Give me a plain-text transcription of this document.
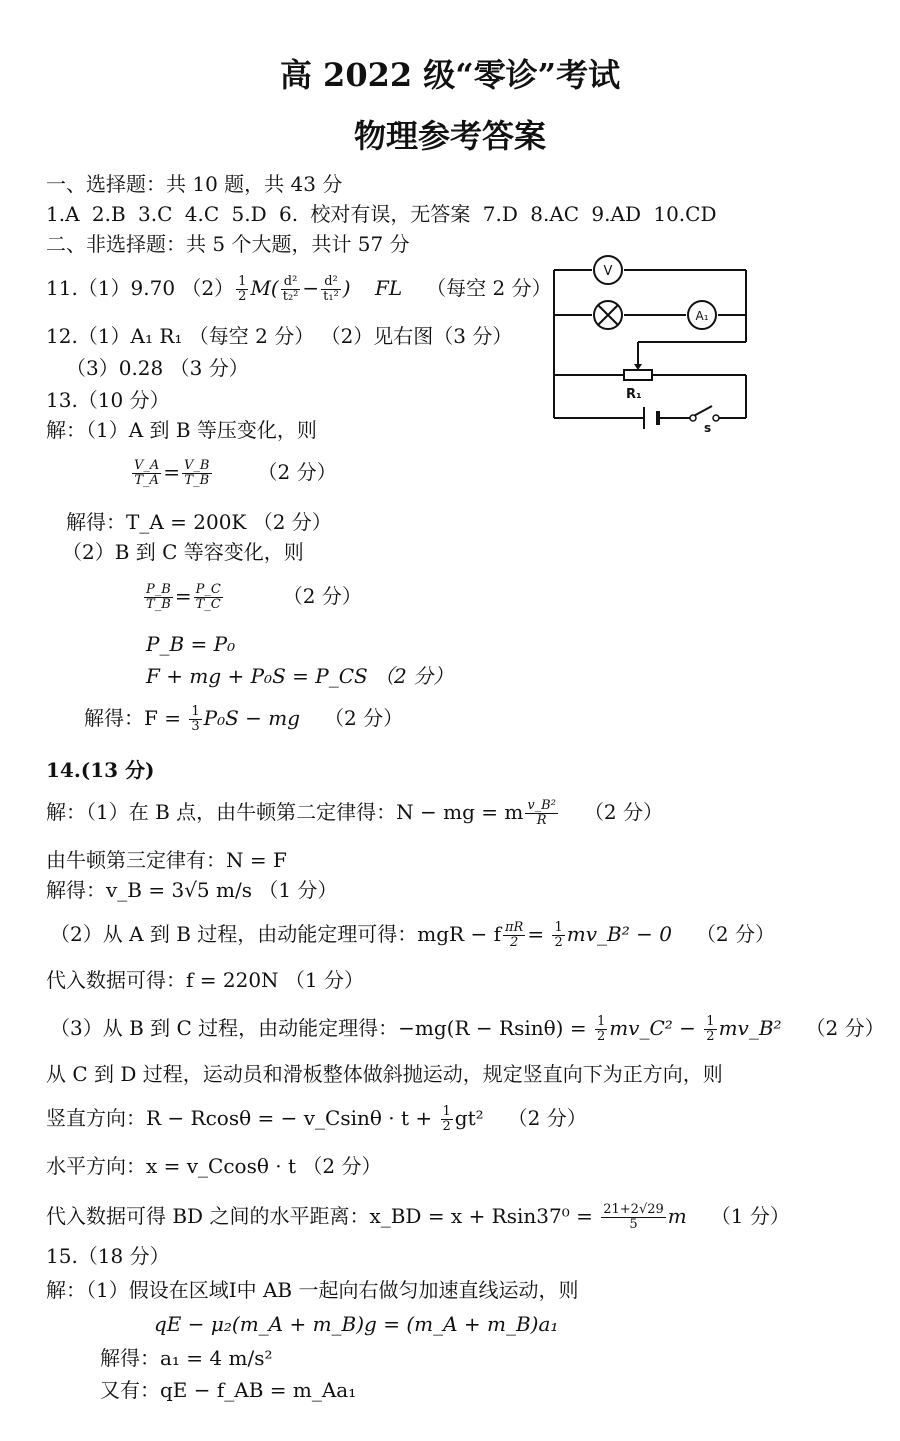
高 2022 级“零诊”考试
物理参考答案
一、选择题：共 10 题，共 43 分
1.A 2.B 3.C 4.C 5.D 6. 校对有误，无答案 7.D 8.AC 9.AD 10.CD
二、非选择题：共 5 个大题，共计 57 分
11.（1）9.70 $(2) \frac{1}{2} M( \frac{\text{d²}}{\text{t₂²}} - \frac{\text{d²}}{\text{t₁²}}$ ) FL （每空 2 分）
12.（1）A₁ R₁ （每空 2 分） （2）见右图（3 分）
（3）0.28 （3 分）
V
A₁
R₁
s
13.（10 分）
解：（1）A 到 B 等压变化，则
$\frac{V\_A}{T\_A} = \frac{V\_B}{T\_B} (2$ 分）
解得：T_A = 200K （2 分）
（2）B 到 C 等容变化，则
$\frac{P\_B}{T\_B} = \frac{P\_C}{T\_C}$	（2 分）
P_B = P₀
F + mg + P₀S = P_CS （2 分）
解得：$F = \frac{1}{3} P_0S$ − mg （2 分）
14.(13 分)
解：（1）在 B 点，由牛顿第二定律得：N − mg = m $\frac{\text{v\_B²}}{R} (2$ 分）
由牛顿第三定律有：N = F
解得：v_B = 3√5 m/s （1 分）
（2）从 A 到 B 过程，由动能定理可得：mgR − f $\frac{\pi R}{2} = \frac{1}{2}$ mv_B² − 0 （2 分）
代入数据可得：f = 220N （1 分）
（3）从 B 到 C 过程，由动能定理得：$-mg(R - Rsin\theta) = \frac{1}{2}$ mv_C² − $\frac{1}{2}$ mv_B² （2 分）
从 C 到 D 过程，运动员和滑板整体做斜抛运动，规定竖直向下为正方向，则
竖直方向：R − Rcosθ = − v_Csinθ · $t + \frac{1}{2} gt^2$ （2 分）
水平方向：x = v_Ccosθ · t （2 分）
代入数据可得 BD 之间的水平距离：x_BD = $x + Rsin37^0 = \frac{21+2√29}{5}$ m （1 分）
15.（18 分）
解：（1）假设在区域Ⅰ中 AB 一起向右做匀加速直线运动，则
qE − μ₂(m_A + m_B)g = (m_A + m_B)a₁
解得：a₁ = 4 m/s²
又有：qE − f_AB = m_Aa₁
